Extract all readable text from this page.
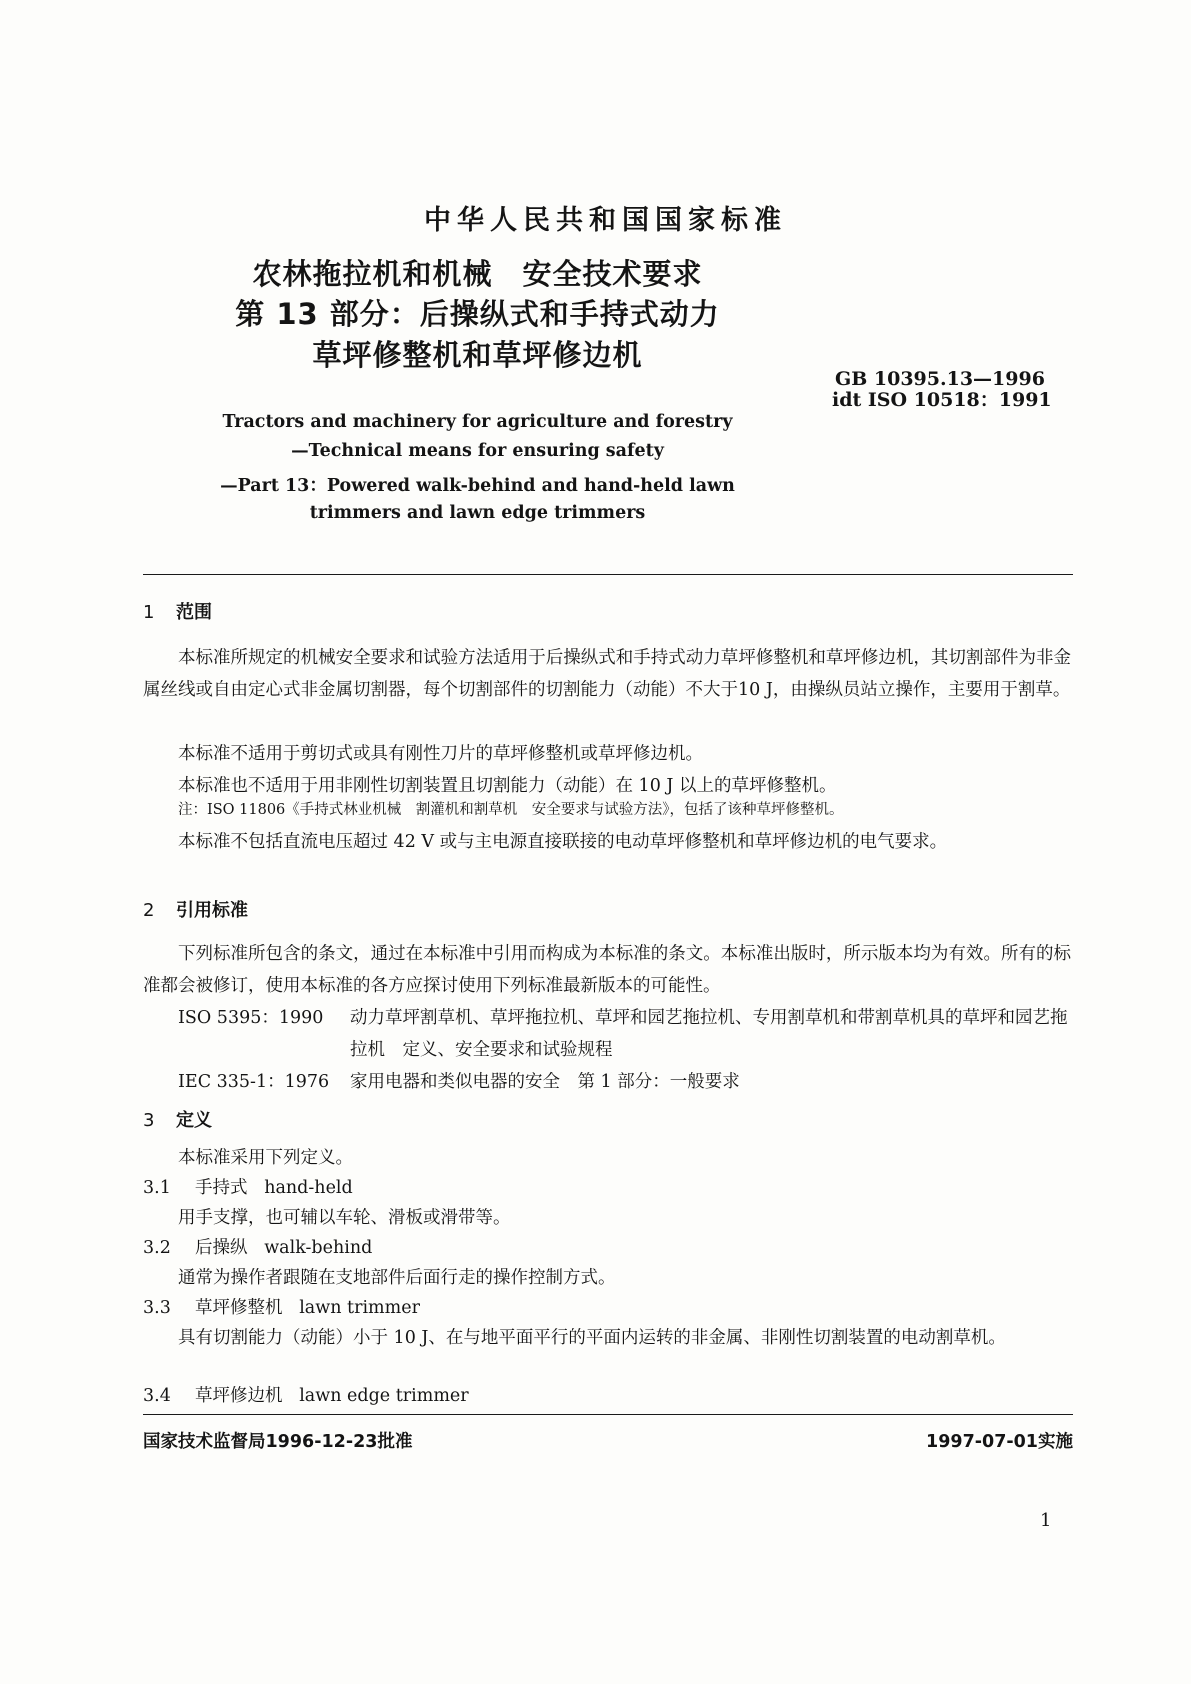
中华人民共和国国家标准
农林拖拉机和机械　安全技术要求
第 13 部分：后操纵式和手持式动力
草坪修整机和草坪修边机
GB 10395.13—1996
idt ISO 10518：1991
Tractors and machinery for agriculture and forestry
—Technical means for ensuring safety
—Part 13：Powered walk-behind and hand-held lawn
trimmers and lawn edge trimmers
1 范围
本标准所规定的机械安全要求和试验方法适用于后操纵式和手持式动力草坪修整机和草坪修边机，其切割部件为非金属丝线或自由定心式非金属切割器，每个切割部件的切割能力（动能）不大于10 J，由操纵员站立操作，主要用于割草。
本标准不适用于剪切式或具有刚性刀片的草坪修整机或草坪修边机。
本标准也不适用于用非刚性切割装置且切割能力（动能）在 10 J 以上的草坪修整机。
注：ISO 11806《手持式林业机械　割灌机和割草机　安全要求与试验方法》，包括了该种草坪修整机。
本标准不包括直流电压超过 42 V 或与主电源直接联接的电动草坪修整机和草坪修边机的电气要求。
2 引用标准
下列标准所包含的条文，通过在本标准中引用而构成为本标准的条文。本标准出版时，所示版本均为有效。所有的标准都会被修订，使用本标准的各方应探讨使用下列标准最新版本的可能性。
ISO 5395：1990 动力草坪割草机、草坪拖拉机、草坪和园艺拖拉机、专用割草机和带割草机具的草坪和园艺拖拉机　定义、安全要求和试验规程
IEC 335-1：1976 家用电器和类似电器的安全　第 1 部分：一般要求
3 定义
本标准采用下列定义。
3.1 手持式 hand-held
用手支撑，也可辅以车轮、滑板或滑带等。
3.2 后操纵 walk-behind
通常为操作者跟随在支地部件后面行走的操作控制方式。
3.3 草坪修整机 lawn trimmer
具有切割能力（动能）小于 10 J、在与地平面平行的平面内运转的非金属、非刚性切割装置的电动割草机。
3.4 草坪修边机 lawn edge trimmer
国家技术监督局1996-12-23批准	1997-07-01实施
1
